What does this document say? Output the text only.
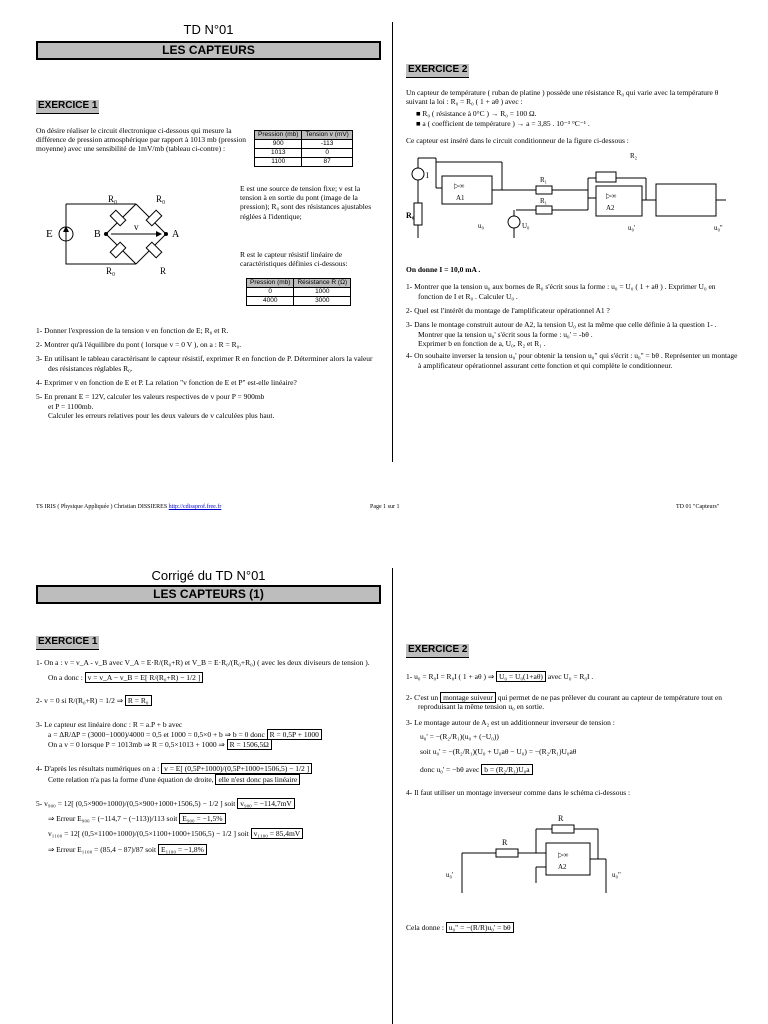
TD N°01
LES CAPTEURS
EXERCICE 1

On désire réaliser le circuit électronique ci-dessous qui mesure la différence de pression atmosphérique par rapport à 1013 mb (pression moyenne) avec une sensibilité de 1mV/mb (tableau ci-contre) :

Pression (mb)	Tension v (mV)
900	-113
1013	0
1100	87
E	B	A
v
R₀	R₀
R₀	R

E est une source de tension fixe; v est la tension à en sortie du pont (image de la pression); R₀ sont des résistances ajustables réglées à l'identique;

R est le capteur résistif linéaire de caractéristiques définies ci-dessous:

Pression (mb)	Résistance R (Ω)
0	1000
4000	3000

1- Donner l'expression de la tension v en fonction de E; R₀ et R.

2- Montrer qu'à l'équilibre du pont ( lorsque v = 0 V ), on a : R = R₀.

3- En utilisant le tableau caractérisant le capteur résistif, exprimer R en fonction de P. Déterminer alors la valeur des résistances réglables R₀.

4- Exprimer v en fonction de E et P. La relation "v fonction de E et P" est-elle linéaire?

5- En prenant E = 12V, calculer les valeurs respectives de v pour P = 900mb

et P = 1100mb.

Calculer les erreurs relatives pour les deux valeurs de v calculées plus haut.

EXERCICE 2

Un capteur de température ( ruban de platine ) possède une résistance R₀ qui varie avec la température θ suivant la loi : R₀ = R₀ ( 1 + aθ ) avec :

■ R₀ ( résistance à 0°C ) → R₀ = 100 Ω.

■ a ( coefficient de température ) → a = 3,85 . 10⁻³ °C⁻¹ .

Ce capteur est inséré dans le circuit conditionneur de la figure ci-dessous :

I
R₀
▷∞
A1
R₁
R₁
U₀
u₀
R₂
▷∞
A2
u₀'	u₀''

On donne I = 10,0 mA .

1- Montrer que la tension u₀ aux bornes de R₀ s'écrit sous la forme : u₀ = U₀ ( 1 + aθ ) . Exprimer U₀ en fonction de I et R₀ . Calculer U₀ .

2- Quel est l'intérêt du montage de l'amplificateur opérationnel A1 ?

3- Dans le montage construit autour de A2, la tension U₀ est la même que celle définie à la question 1- .

Montrer que la tension u₀' s'écrit sous la forme : u₀' = -bθ .

Exprimer b en fonction de a, U₀, R₂ et R₁ .

4- On souhaite inverser la tension u₀' pour obtenir la tension u₀" qui s'écrit : u₀" = bθ . Représenter un montage à amplificateur opérationnel assurant cette fonction et qui complète le conditionneur.

TS IRIS ( Physique Appliquée ) Christian DISSIERES http://cdissprof.free.fr	Page 1 sur 1	TD 01 "Capteurs"
Corrigé du TD N°01
LES CAPTEURS (1)
EXERCICE 1

1- On a : v = v_A - v_B avec V_A = E·R/(R₀+R) et V_B = E·R₀/(R₀+R₀) ( avec les deux diviseurs de tension ).

On a donc : v = v_A − v_B = E[ R/(R₀+R) − 1/2 ]

2- v = 0 si R/(R₀+R) = 1/2 ⇒ R = R₀

3- Le capteur est linéaire donc : R = a.P + b avec

a = ΔR/ΔP = (3000−1000)/4000 = 0,5 et 1000 = 0,5×0 + b ⇒ b = 0 donc R = 0,5P + 1000

On a v = 0 lorsque P = 1013mb ⇒ R = 0,5×1013 + 1000 ⇒ R = 1506,5Ω

4- D'après les résultats numériques on a : v = E[ (0,5P+1000)/(0,5P+1000+1506,5) − 1/2 ]

Cette relation n'a pas la forme d'une équation de droite, elle n'est donc pas linéaire

5- v₉₀₀ = 12[ (0,5×900+1000)/(0,5×900+1000+1506,5) − 1/2 ] soit v₉₀₀ = −114,7mV

⇒ Erreur E₉₀₀ = (−114,7 − (−113))/113 soit E₉₀₀ = −1,5%

v₁₁₀₀ = 12[ (0,5×1100+1000)/(0,5×1100+1000+1506,5) − 1/2 ] soit v₁₁₀₀ = 85,4mV

⇒ Erreur E₁₁₀₀ = (85,4 − 87)/87 soit E₁₁₀₀ = −1,8%

EXERCICE 2

1- u₀ = R₀I = R₀I ( 1 + aθ ) ⇒ U₀ = U₀(1+aθ) avec U₀ = R₀I .

2- C'est un montage suiveur qui permet de ne pas prélever du courant au capteur de température tout en reproduisant la même tension u₀ en sortie.

3- Le montage autour de A₂ est un additionneur inverseur de tension :

u₀' = −(R₂/R₁)(u₀ + (−U₀))

soit u₀' = −(R₂/R₁)(U₀ + U₀aθ − U₀) = −(R₂/R₁)U₀aθ

donc u₀' = −bθ avec b = (R₂/R₁)U₀a

4- Il faut utiliser un montage inverseur comme dans le schéma ci-dessous :

R
R
▷∞
A2
u₀'	u₀"

Cela donne : u₀" = −(R/R)u₀' = bθ
